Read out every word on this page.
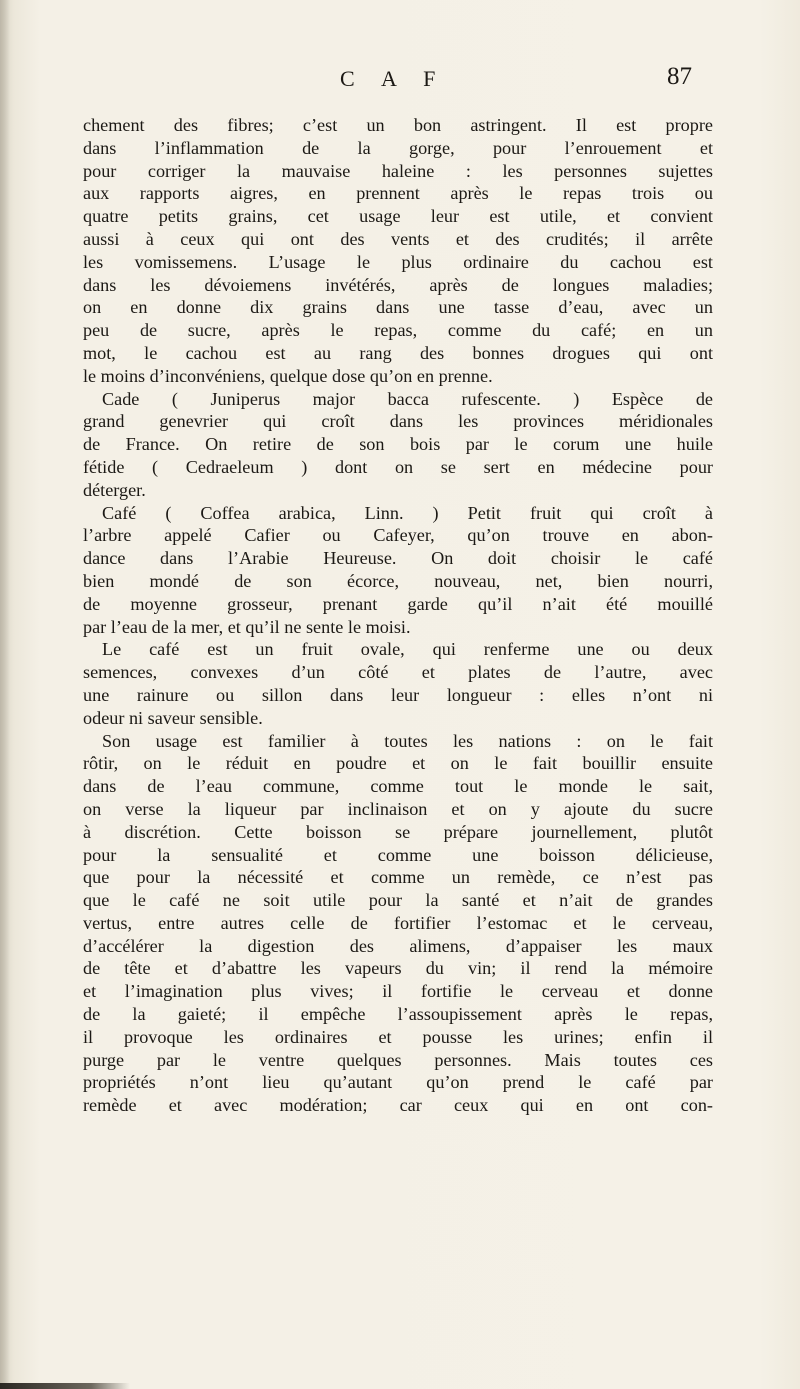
C A F	87
chement des fibres; c’est un bon astringent. Il est propre
dans l’inflammation de la gorge, pour l’enrouement et
pour corriger la mauvaise haleine : les personnes sujettes
aux rapports aigres, en prennent après le repas trois ou
quatre petits grains, cet usage leur est utile, et convient
aussi à ceux qui ont des vents et des crudités; il arrête
les vomissemens. L’usage le plus ordinaire du cachou est
dans les dévoiemens invétérés, après de longues maladies;
on en donne dix grains dans une tasse d’eau, avec un
peu de sucre, après le repas, comme du café; en un
mot, le cachou est au rang des bonnes drogues qui ont
le moins d’inconvéniens, quelque dose qu’on en prenne.
Cade ( Juniperus major bacca rufescente. ) Espèce de
grand genevrier qui croît dans les provinces méridionales
de France. On retire de son bois par le corum une huile
fétide ( Cedraeleum ) dont on se sert en médecine pour
déterger.
Café ( Coffea arabica, Linn. ) Petit fruit qui croît à
l’arbre appelé Cafier ou Cafeyer, qu’on trouve en abon-
dance dans l’Arabie Heureuse. On doit choisir le café
bien mondé de son écorce, nouveau, net, bien nourri,
de moyenne grosseur, prenant garde qu’il n’ait été mouillé
par l’eau de la mer, et qu’il ne sente le moisi.
Le café est un fruit ovale, qui renferme une ou deux
semences, convexes d’un côté et plates de l’autre, avec
une rainure ou sillon dans leur longueur : elles n’ont ni
odeur ni saveur sensible.
Son usage est familier à toutes les nations : on le fait
rôtir, on le réduit en poudre et on le fait bouillir ensuite
dans de l’eau commune, comme tout le monde le sait,
on verse la liqueur par inclinaison et on y ajoute du sucre
à discrétion. Cette boisson se prépare journellement, plutôt
pour la sensualité et comme une boisson délicieuse,
que pour la nécessité et comme un remède, ce n’est pas
que le café ne soit utile pour la santé et n’ait de grandes
vertus, entre autres celle de fortifier l’estomac et le cerveau,
d’accélérer la digestion des alimens, d’appaiser les maux
de tête et d’abattre les vapeurs du vin; il rend la mémoire
et l’imagination plus vives; il fortifie le cerveau et donne
de la gaieté; il empêche l’assoupissement après le repas,
il provoque les ordinaires et pousse les urines; enfin il
purge par le ventre quelques personnes. Mais toutes ces
propriétés n’ont lieu qu’autant qu’on prend le café par
remède et avec modération; car ceux qui en ont con-
